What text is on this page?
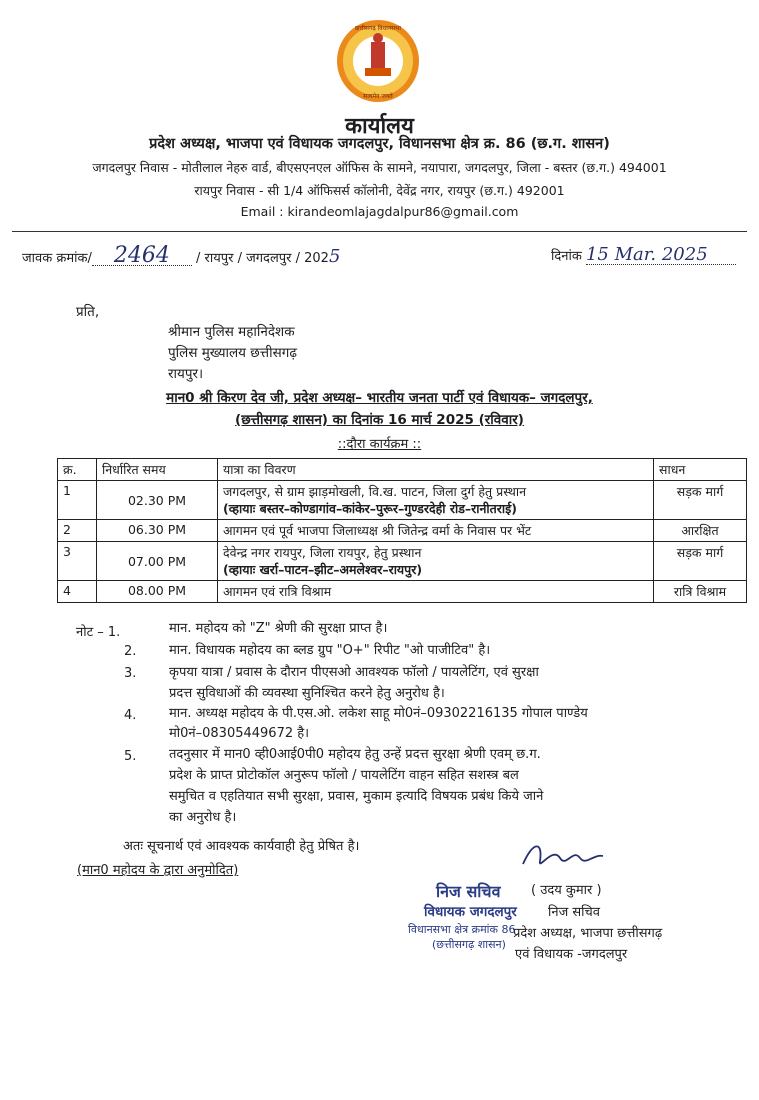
छत्तीसगढ़ विधानसभा
सत्यमेव जयते
कार्यालय
प्रदेश अध्यक्ष, भाजपा एवं विधायक जगदलपुर, विधानसभा क्षेत्र क्र. 86 (छ.ग. शासन)
जगदलपुर निवास - मोतीलाल नेहरु वार्ड, बीएसएनएल ऑफिस के सामने, नयापारा, जगदलपुर, जिला - बस्तर (छ.ग.) 494001
रायपुर निवास - सी 1/4 ऑफिसर्स कॉलोनी, देवेंद्र नगर, रायपुर (छ.ग.) 492001
Email : kirandeomlajagdalpur86@gmail.com
जावक क्रमांक/ 2464 / रायपुर / जगदलपुर / 2025	दिनांक 15 Mar. 2025
प्रति,
श्रीमान पुलिस महानिदेशक
पुलिस मुख्यालय छत्तीसगढ़
रायपुर।
मान0 श्री किरण देव जी, प्रदेश अध्यक्ष– भारतीय जनता पार्टी एवं विधायक– जगदलपुर,
(छत्तीसगढ़ शासन) का दिनांक 16 मार्च 2025 (रविवार)
::दौरा कार्यक्रम ::
क्र.	निर्धारित समय	यात्रा का विवरण	साधन
1	02.30 PM	जगदलपुर, से ग्राम झाड़मोखली, वि.ख. पाटन, जिला दुर्ग हेतु प्रस्थान
(व्हायाः बस्तर–कोण्डागांव–कांकेर–पुरूर–गुण्डरदेही रोड–रानीतराई)	सड़क मार्ग
2	06.30 PM	आगमन एवं पूर्व भाजपा जिलाध्यक्ष श्री जितेन्द्र वर्मा के निवास पर भेंट	आरक्षित
3	07.00 PM	देवेन्द्र नगर रायपुर, जिला रायपुर, हेतु प्रस्थान
(व्हायाः खर्रा–पाटन–झीट–अमलेश्वर–रायपुर)	सड़क मार्ग
4	08.00 PM	आगमन एवं रात्रि विश्राम	रात्रि विश्राम
नोट – 1.	मान. महोदय को "Z" श्रेणी की सुरक्षा प्राप्त है।
2.	मान. विधायक महोदय का ब्लड ग्रुप "O+" रिपीट "ओ पाजीटिव" है।
3.	कृपया यात्रा / प्रवास के दौरान पीएसओ आवश्यक फॉलो / पायलेटिंग, एवं सुरक्षा
प्रदत्त सुविधाओं की व्यवस्था सुनिश्चित करने हेतु अनुरोध है।
4.	मान. अध्यक्ष महोदय के पी.एस.ओ. लकेश साहू मो0नं–09302216135 गोपाल पाण्डेय
मो0नं–08305449672 है।
5.	तदनुसार में मान0 व्ही0आई0पी0 महोदय हेतु उन्हें प्रदत्त सुरक्षा श्रेणी एवम् छ.ग.
प्रदेश के प्राप्त प्रोटोकॉल अनुरूप फॉलो / पायलेटिंग वाहन सहित सशस्त्र बल
समुचित व एहतियात सभी सुरक्षा, प्रवास, मुकाम इत्यादि विषयक प्रबंध किये जाने
का अनुरोध है।
अतः सूचनार्थ एवं आवश्यक कार्यवाही हेतु प्रेषित है।
(मान0 महोदय के द्वारा अनुमोदित)
( उदय कुमार )
निज सचिव
प्रदेश अध्यक्ष, भाजपा छत्तीसगढ़
एवं विधायक -जगदलपुर
निज सचिव
विधायक जगदलपुर
विधानसभा क्षेत्र क्रमांक 86
(छत्तीसगढ़ शासन)
